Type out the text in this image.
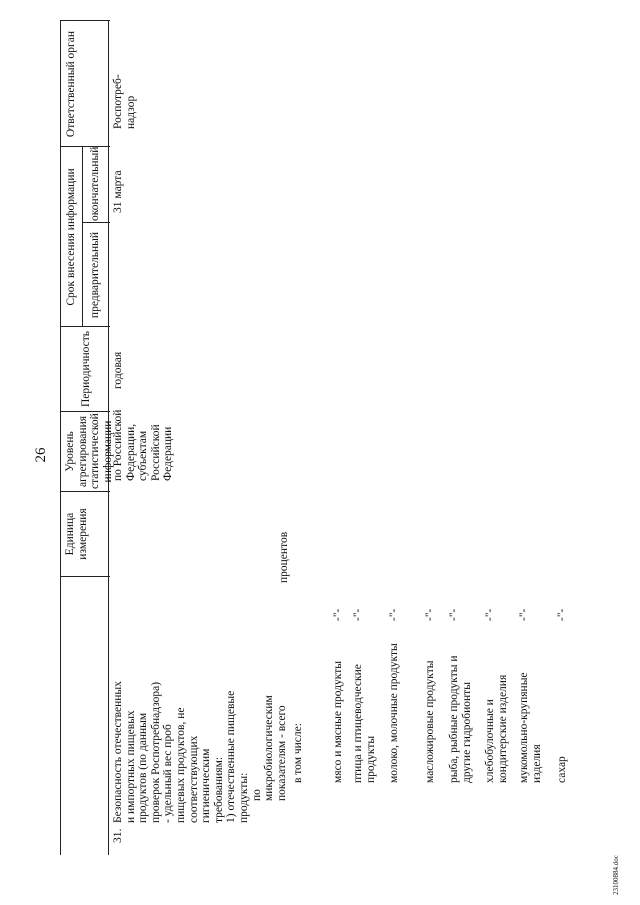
26
Единица измерения
Уровень агрегирования статистической информации
Периодичность
Срок внесения информации предварительный
окончательный
Ответственный орган
31.
Безопасность отечественных и импортных пищевых продуктов (по данным проверок Роспотребнадзора) - удельный вес проб пищевых продуктов, не соответствующих гигиеническим требованиям: 1) отечественные пищевые продукты: по микробиологическим показателям - всего в том числе:
процентов
мясо и мясные продукты
-"-
птица и птицеводческие продукты
-"-
молоко, молочные продукты
-"-
масложировые продукты
-"-
рыба, рыбные продукты и другие гидробионты
-"-
хлебобулочные и кондитерские изделия
-"-
мукомольно-крупяные изделия
-"-
сахар
-"-
по Российской Федерации, субъектам Российской Федерации
годовая
31 марта
Роспотреб-надзор
23100884.doc
